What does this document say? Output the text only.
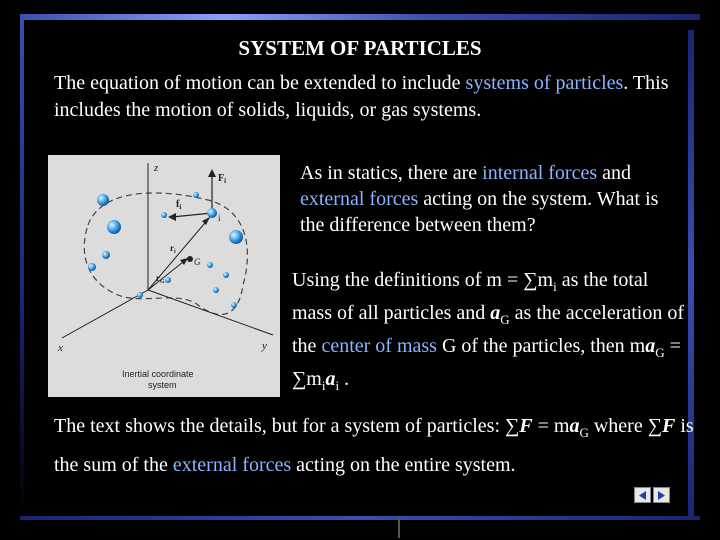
SYSTEM OF PARTICLES

The equation of motion can be extended to include systems of particles. This includes the motion of solids, liquids, or gas systems.

z
y
x
$F_i$
$f_i$
i
$r_i$
$r_G$
G
Inertial coordinate
system

As in statics, there are internal forces and external forces acting on the system. What is the difference between them?

Using the definitions of $m = \sum m_i$ as the total mass of all particles and $a_G$ as the acceleration of the center of mass G of the particles, then $ma_G = \sum m_ia_i$ .

The text shows the details, but for a system of particles: $\sum F = ma_G$ where ∑F is the sum of the external forces acting on the entire system.
